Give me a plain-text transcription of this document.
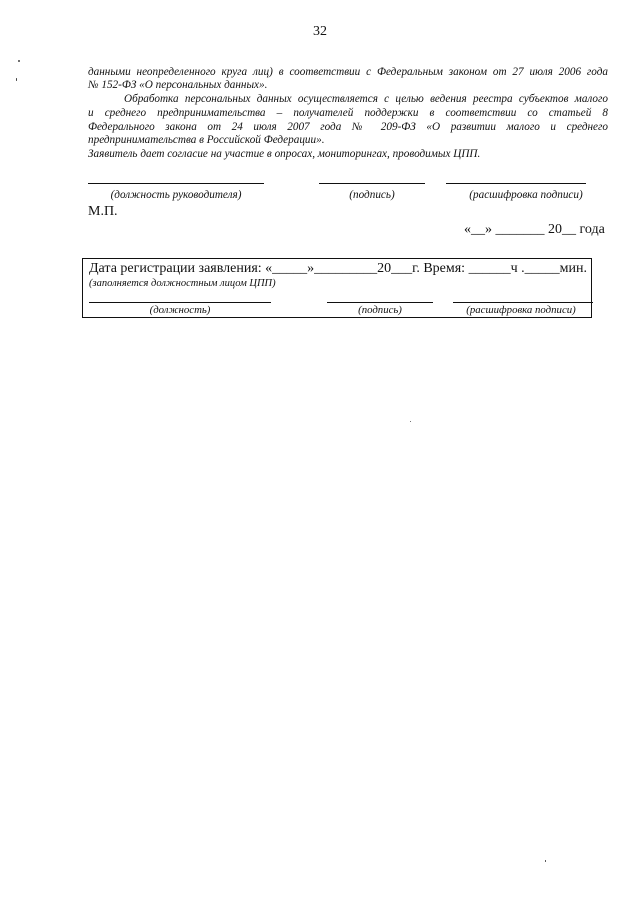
32
данными неопределенного круга лиц) в соответствии с Федеральным законом от 27 июля 2006 года
№ 152-ФЗ «О персональных данных».
Обработка персональных данных осуществляется с целью ведения реестра субъектов малого
и среднего предпринимательства – получателей поддержки в соответствии со статьей 8
Федерального закона от 24 июля 2007 года № 209-ФЗ «О развитии малого и среднего
предпринимательства в Российской Федерации».
Заявитель дает согласие на участие в опросах, мониторингах, проводимых ЦПП.
(должность руководителя)	(подпись)	(расшифровка подписи)
М.П.
«__» _______ 20__ года
Дата регистрации заявления: «_____»_________20___г. Время: ______ч ._____мин.
(заполняется должностным лицом ЦПП)
(должность)	(подпись)	(расшифровка подписи)
